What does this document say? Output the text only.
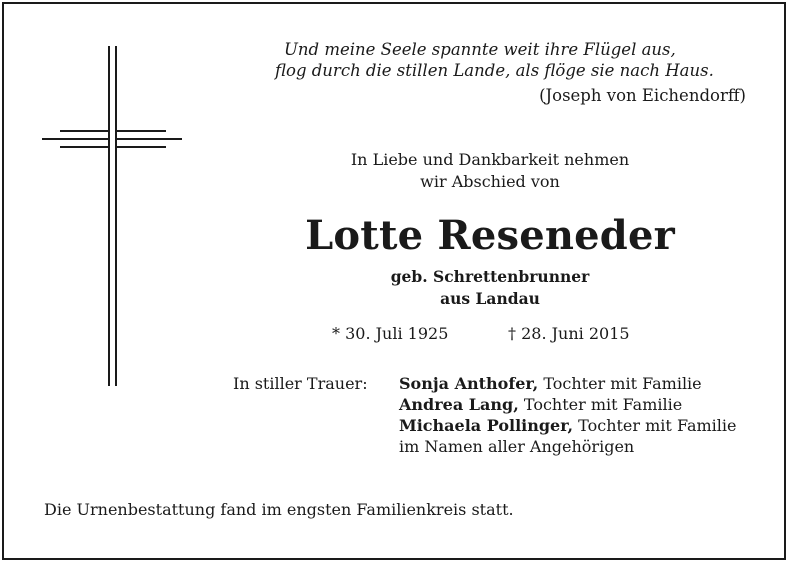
Und meine Seele spannte weit ihre Flügel aus,
flog durch die stillen Lande, als flöge sie nach Haus.
(Joseph von Eichendorff)
In Liebe und Dankbarkeit nehmen
wir Abschied von
Lotte Reseneder
geb. Schrettenbrunner
aus Landau
* 30. Juli 1925	† 28. Juni 2015
In stiller Trauer: Sonja Anthofer, Tochter mit Familie
Andrea Lang, Tochter mit Familie
Michaela Pollinger, Tochter mit Familie
im Namen aller Angehörigen
Die Urnenbestattung fand im engsten Familienkreis statt.
